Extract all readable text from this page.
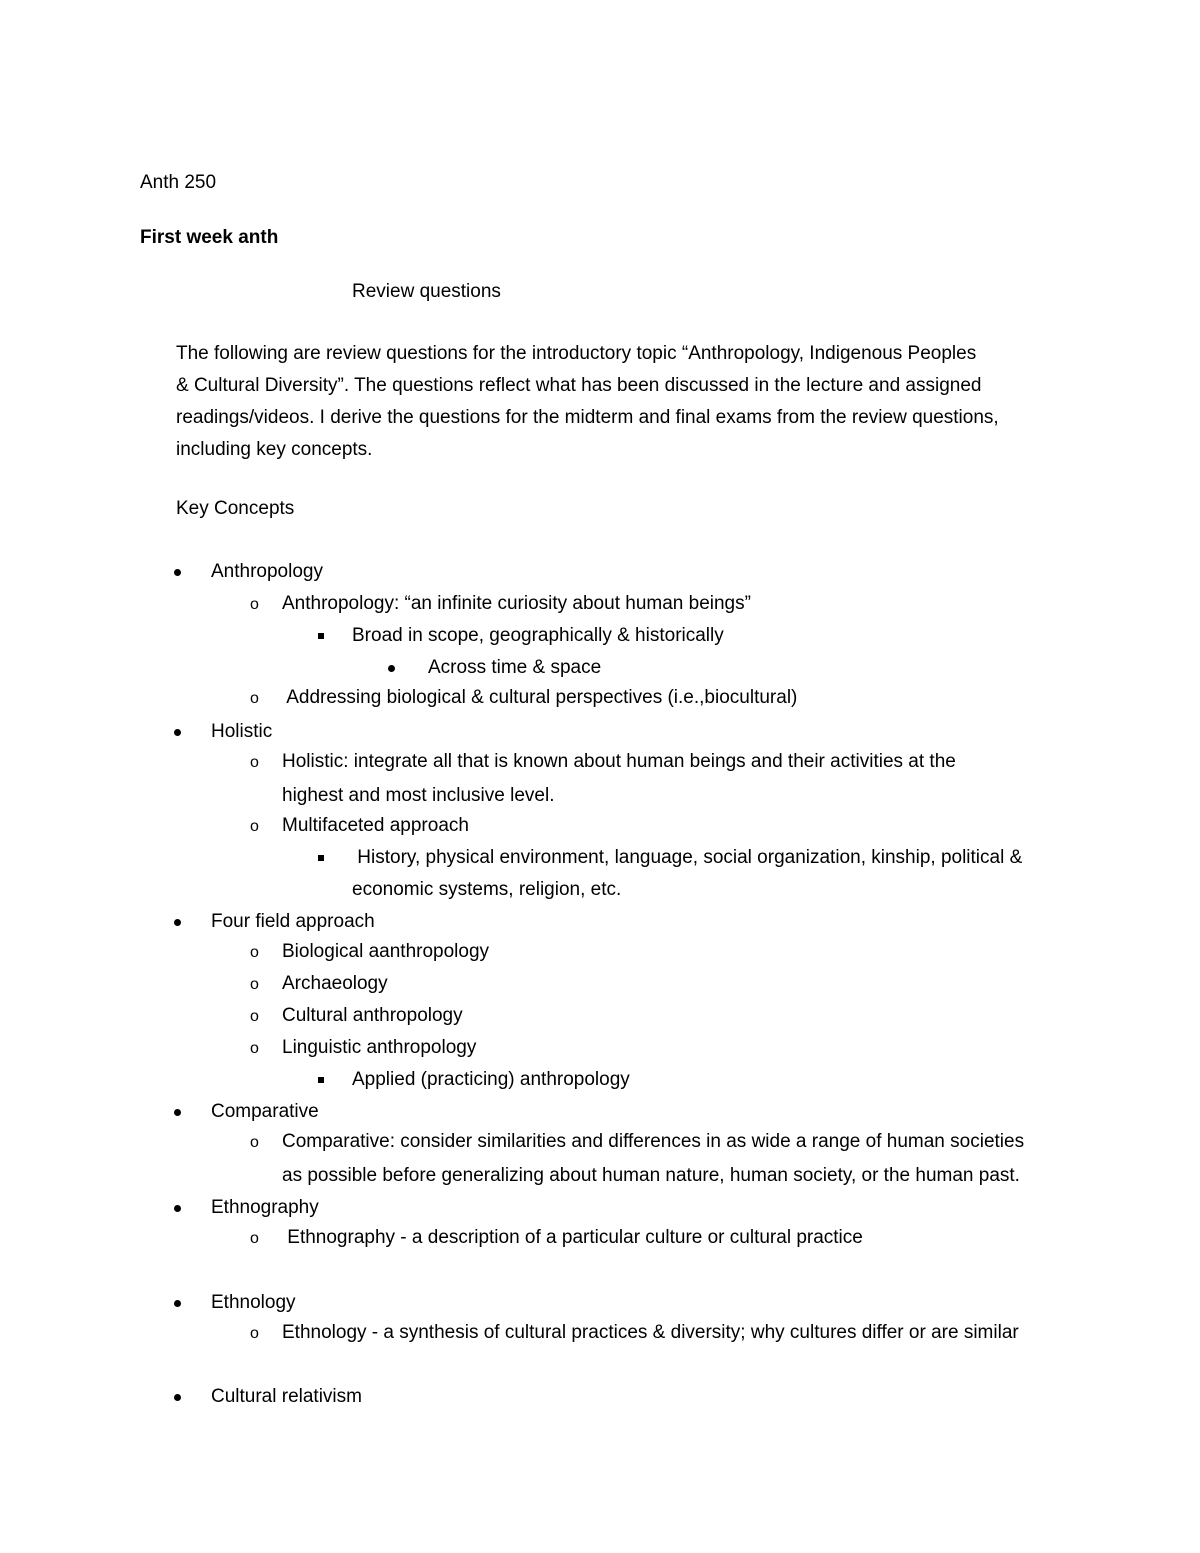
Anth 250
First week anth
Review questions
The following are review questions for the introductory topic “Anthropology, Indigenous Peoples
& Cultural Diversity”. The questions reflect what has been discussed in the lecture and assigned
readings/videos. I derive the questions for the midterm and final exams from the review questions,
including key concepts.
Key Concepts
Anthropology
o Anthropology: “an infinite curiosity about human beings”
Broad in scope, geographically & historically
Across time & space
o Addressing biological & cultural perspectives (i.e.,biocultural)
Holistic
o Holistic: integrate all that is known about human beings and their activities at the
highest and most inclusive level.
o Multifaceted approach
History, physical environment, language, social organization, kinship, political &
economic systems, religion, etc.
Four field approach
o Biological aanthropology
o Archaeology
o Cultural anthropology
o Linguistic anthropology
Applied (practicing) anthropology
Comparative
o Comparative: consider similarities and differences in as wide a range of human societies
as possible before generalizing about human nature, human society, or the human past.
Ethnography
o Ethnography - a description of a particular culture or cultural practice
Ethnology
o Ethnology - a synthesis of cultural practices & diversity; why cultures differ or are similar
Cultural relativism
